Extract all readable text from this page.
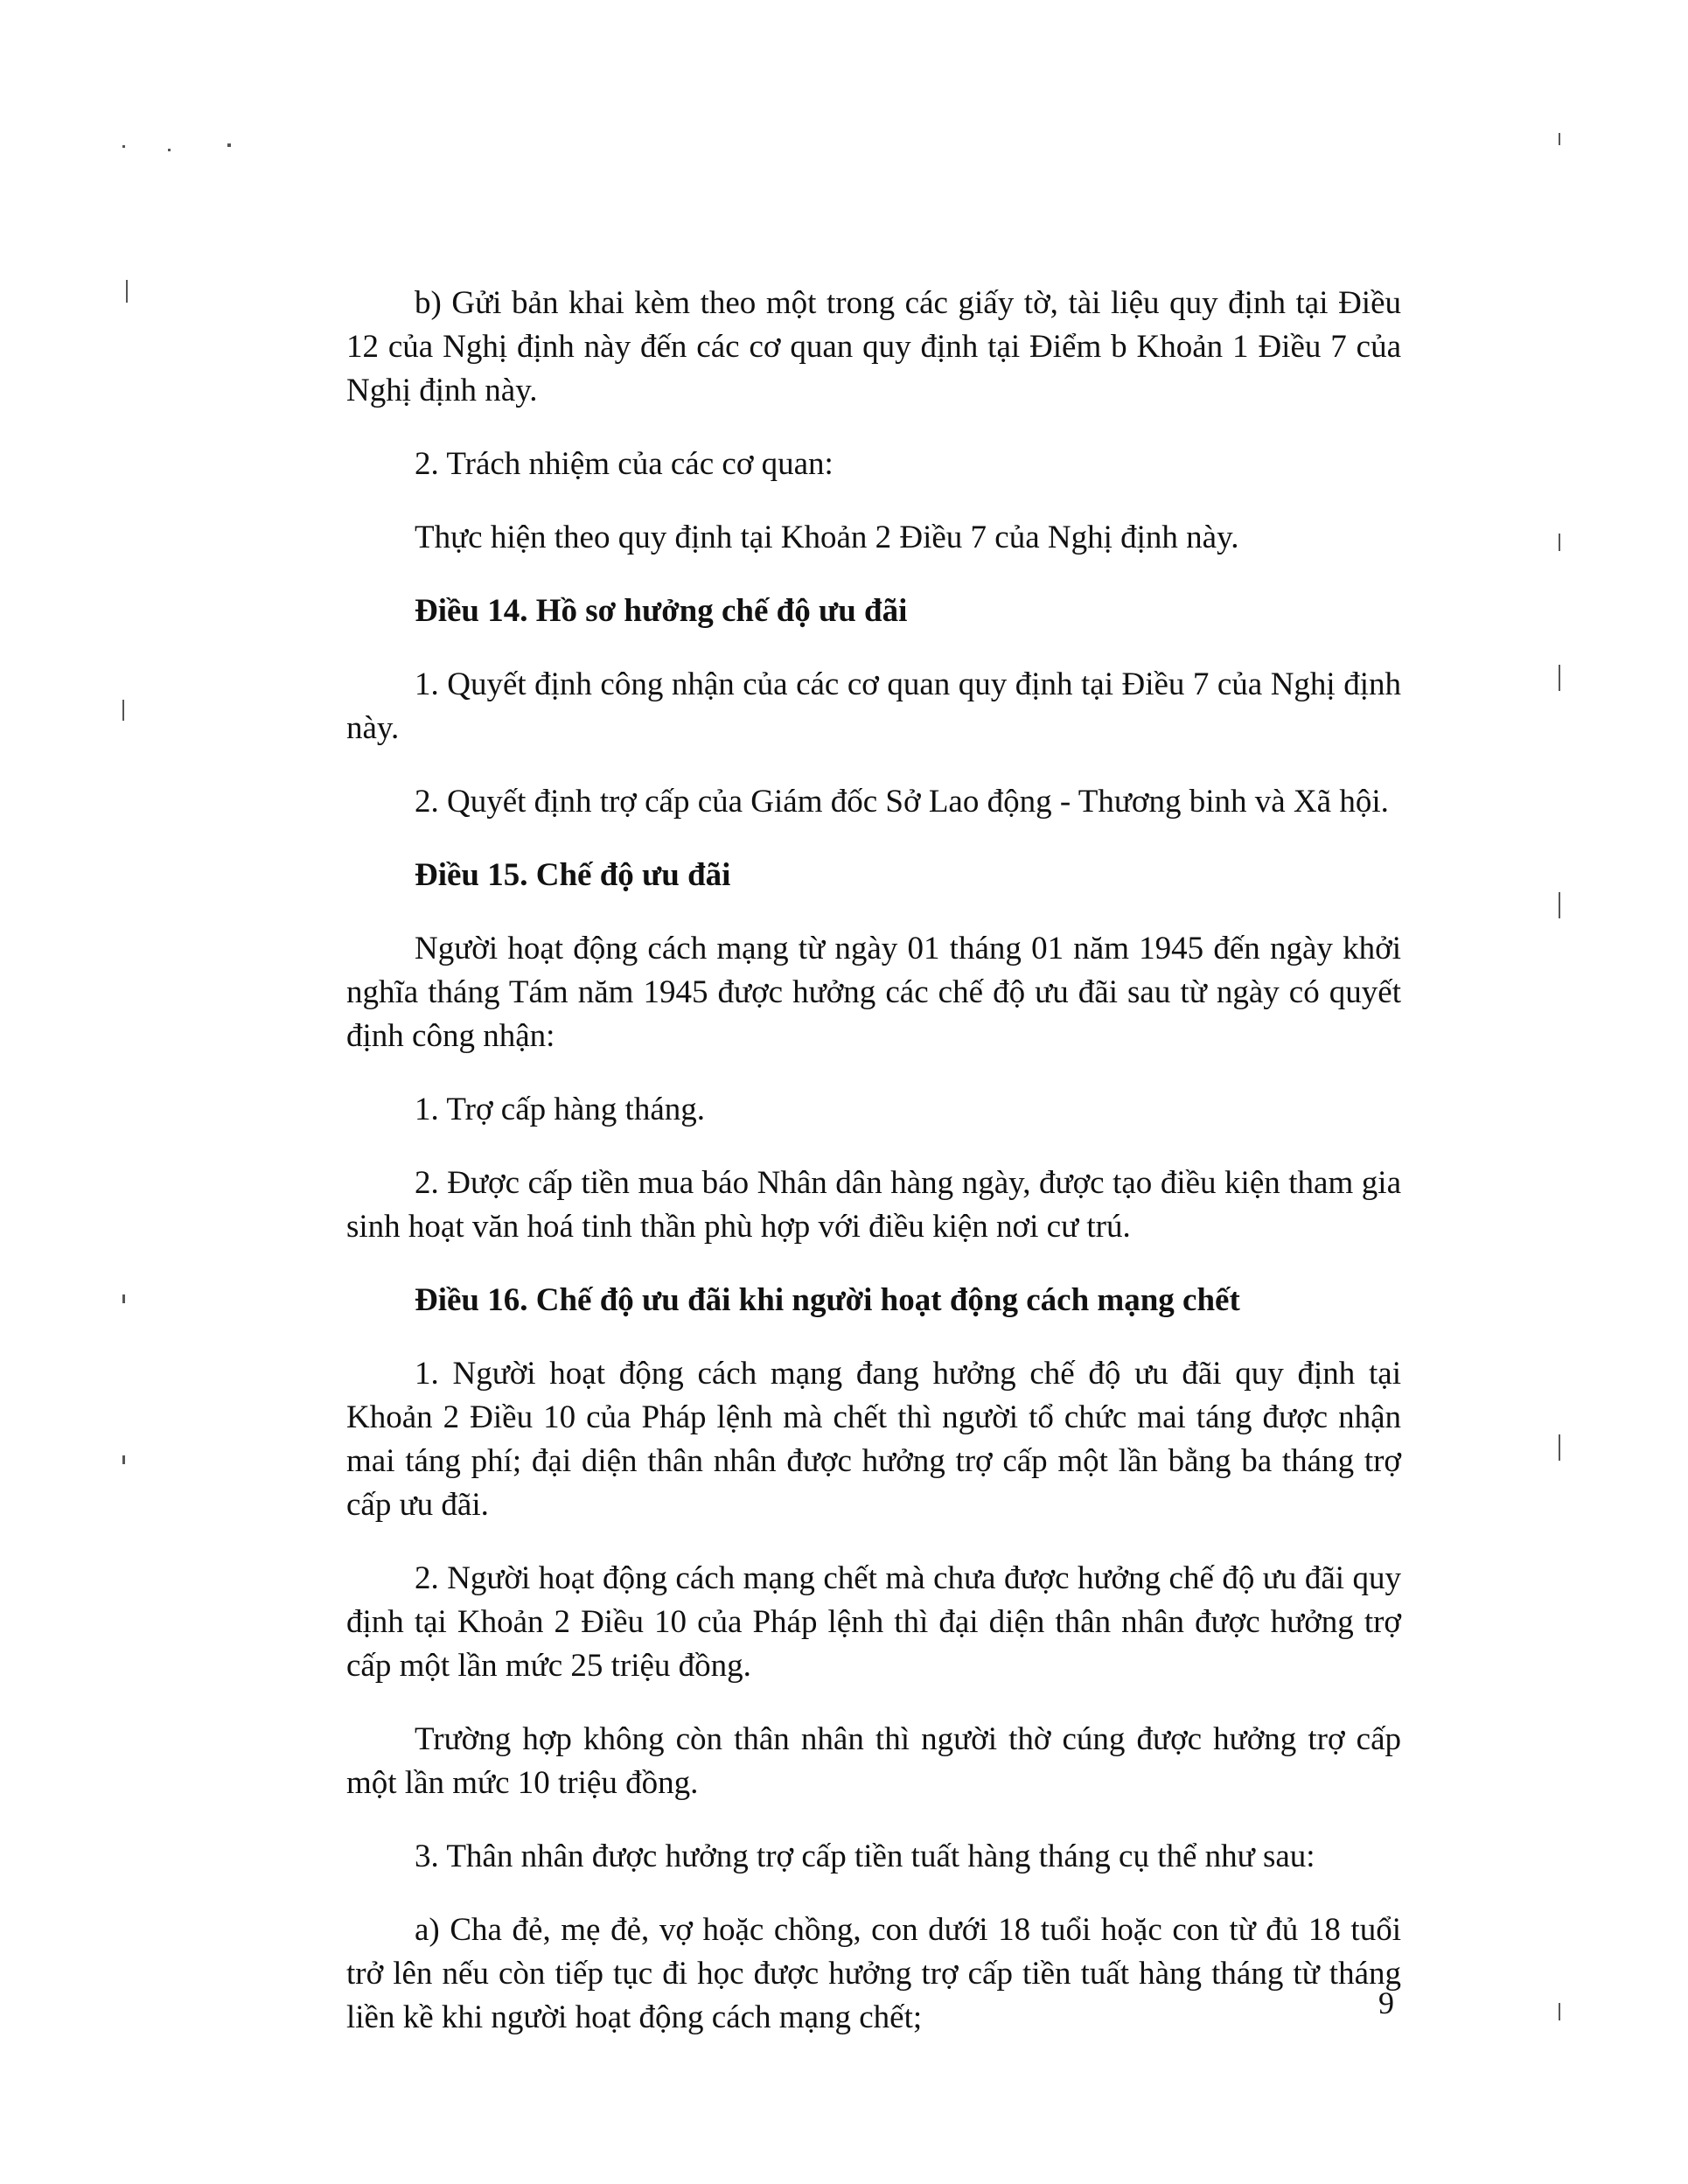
b) Gửi bản khai kèm theo một trong các giấy tờ, tài liệu quy định tại Điều 12 của Nghị định này đến các cơ quan quy định tại Điểm b Khoản 1 Điều 7 của Nghị định này.

2. Trách nhiệm của các cơ quan:

Thực hiện theo quy định tại Khoản 2 Điều 7 của Nghị định này.

Điều 14. Hồ sơ hưởng chế độ ưu đãi

1. Quyết định công nhận của các cơ quan quy định tại Điều 7 của Nghị định này.

2. Quyết định trợ cấp của Giám đốc Sở Lao động - Thương binh và Xã hội.

Điều 15. Chế độ ưu đãi

Người hoạt động cách mạng từ ngày 01 tháng 01 năm 1945 đến ngày khởi nghĩa tháng Tám năm 1945 được hưởng các chế độ ưu đãi sau từ ngày có quyết định công nhận:

1. Trợ cấp hàng tháng.

2. Được cấp tiền mua báo Nhân dân hàng ngày, được tạo điều kiện tham gia sinh hoạt văn hoá tinh thần phù hợp với điều kiện nơi cư trú.

Điều 16. Chế độ ưu đãi khi người hoạt động cách mạng chết

1. Người hoạt động cách mạng đang hưởng chế độ ưu đãi quy định tại Khoản 2 Điều 10 của Pháp lệnh mà chết thì người tổ chức mai táng được nhận mai táng phí; đại diện thân nhân được hưởng trợ cấp một lần bằng ba tháng trợ cấp ưu đãi.

2. Người hoạt động cách mạng chết mà chưa được hưởng chế độ ưu đãi quy định tại Khoản 2 Điều 10 của Pháp lệnh thì đại diện thân nhân được hưởng trợ cấp một lần mức 25 triệu đồng.

Trường hợp không còn thân nhân thì người thờ cúng được hưởng trợ cấp một lần mức 10 triệu đồng.

3. Thân nhân được hưởng trợ cấp tiền tuất hàng tháng cụ thể như sau:

a) Cha đẻ, mẹ đẻ, vợ hoặc chồng, con dưới 18 tuổi hoặc con từ đủ 18 tuổi trở lên nếu còn tiếp tục đi học được hưởng trợ cấp tiền tuất hàng tháng từ tháng liền kề khi người hoạt động cách mạng chết;	9
